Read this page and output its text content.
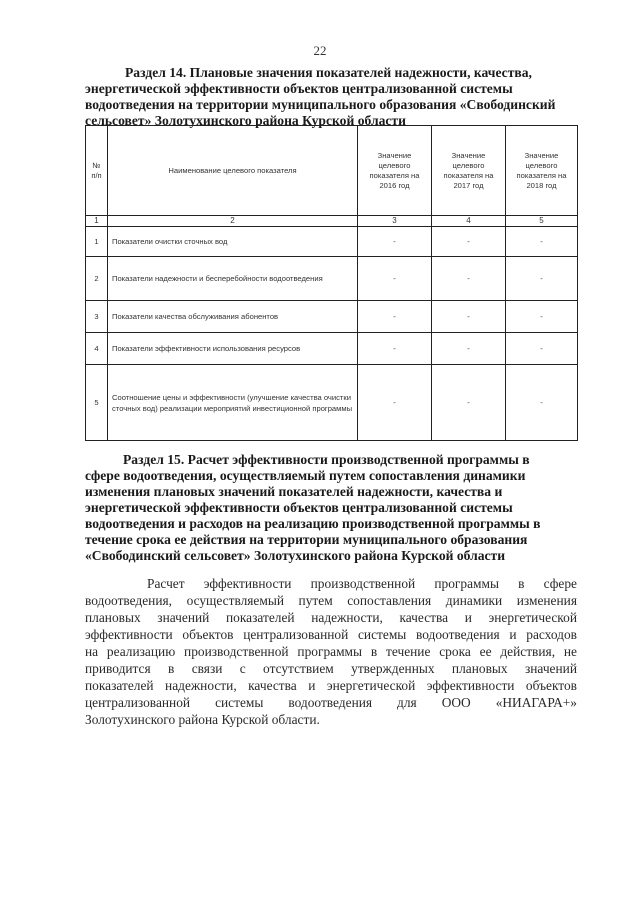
22
Раздел 14. Плановые значения показателей надежности, качества,
энергетической эффективности объектов централизованной системы
водоотведения на территории муниципального образования «Свободинский
сельсовет» Золотухинского района Курской области
№ п/п	Наименование целевого показателя	Значение целевого показателя на 2016 год	Значение целевого показателя на 2017 год	Значение целевого показателя на 2018 год
1	2	3	4	5
1	Показатели очистки сточных вод	-	-	-
2	Показатели надежности и бесперебойности водоотведения	-	-	-
3	Показатели качества обслуживания абонентов	-	-	-
4	Показатели эффективности использования ресурсов	-	-	-
5	Соотношение цены и эффективности (улучшение качества очистки сточных вод) реализации мероприятий инвестиционной программы	-	-	-
Раздел 15. Расчет эффективности производственной программы в
сфере водоотведения, осуществляемый путем сопоставления динамики
изменения плановых значений показателей надежности, качества и
энергетической эффективности объектов централизованной системы
водоотведения и расходов на реализацию производственной программы в
течение срока ее действия на территории муниципального образования
«Свободинский сельсовет» Золотухинского района Курской области
Расчет эффективности производственной программы в сфере
водоотведения, осуществляемый путем сопоставления динамики изменения
плановых значений показателей надежности, качества и энергетической
эффективности объектов централизованной системы водоотведения и расходов
на реализацию производственной программы в течение срока ее действия, не
приводится в связи с отсутствием утвержденных плановых значений
показателей надежности, качества и энергетической эффективности объектов
централизованной системы водоотведения для ООО «НИАГАРА+»
Золотухинского района Курской области.
